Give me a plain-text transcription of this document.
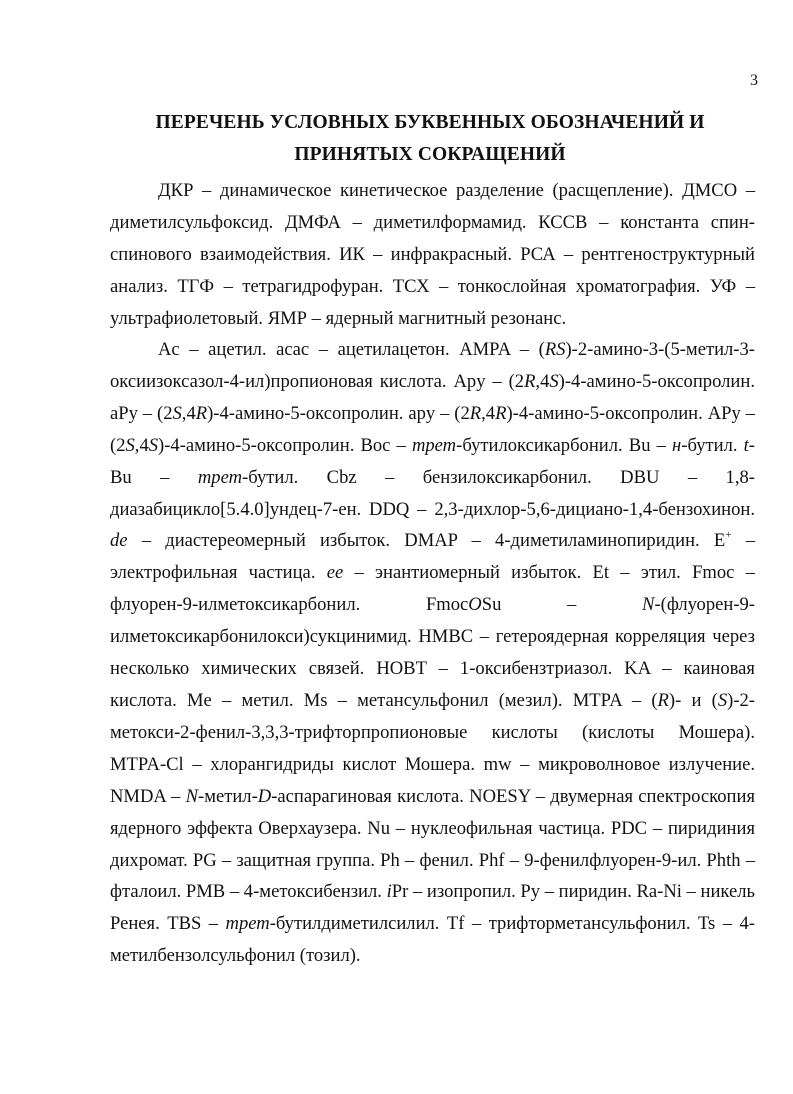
3
ПЕРЕЧЕНЬ УСЛОВНЫХ БУКВЕННЫХ ОБОЗНАЧЕНИЙ И ПРИНЯТЫХ СОКРАЩЕНИЙ

ДКР – динамическое кинетическое разделение (расщепление). ДМСО – диметилсульфоксид. ДМФА – диметилформамид. КССВ – константа спин-спинового взаимодействия. ИК – инфракрасный. РСА – рентгеноструктурный анализ. ТГФ – тетрагидрофуран. ТСХ – тонкослойная хроматография. УФ – ультрафиолетовый. ЯМР – ядерный магнитный резонанс.

Ac – ацетил. acac – ацетилацетон. AMPA – (RS)-2-амино-3-(5-метил-3-оксиизоксазол-4-ил)пропионовая кислота. Apy – (2R,4S)-4-амино-5-оксопролин. aPy – (2S,4R)-4-амино-5-оксопролин. apy – (2R,4R)-4-амино-5-оксопролин. APy – (2S,4S)-4-амино-5-оксопролин. Boc – трет-бутилоксикарбонил. Bu – н-бутил. t-Bu – трет-бутил. Cbz – бензилоксикарбонил. DBU – 1,8-диазабицикло[5.4.0]ундец-7-ен. DDQ – 2,3-дихлор-5,6-дициано-1,4-бензохинон. de – диастереомерный избыток. DMAP – 4-диметиламинопиридин. E+ – электрофильная частица. ee – энантиомерный избыток. Et – этил. Fmoc – флуорен-9-илметоксикарбонил. FmocOSu – N-(флуорен-9-илметоксикарбонилокси)сукцинимид. HMBC – гетероядерная корреляция через несколько химических связей. HOBT – 1-оксибензтриазол. KA – каиновая кислота. Me – метил. Ms – метансульфонил (мезил). MTPA – (R)- и (S)-2-метокси-2-фенил-3,3,3-трифторпропионовые кислоты (кислоты Мошера). MTPA-Cl – хлорангидриды кислот Мошера. mw – микроволновое излучение. NMDA – N-метил-D-аспарагиновая кислота. NOESY – двумерная спектроскопия ядерного эффекта Оверхаузера. Nu – нуклеофильная частица. PDC – пиридиния дихромат. PG – защитная группа. Ph – фенил. Phf – 9-фенилфлуорен-9-ил. Phth – фталоил. PMB – 4-метоксибензил. iPr – изопропил. Py – пиридин. Ra-Ni – никель Ренея. TBS – трет-бутилдиметилсилил. Tf – трифторметансульфонил. Ts – 4-метилбензолсульфонил (тозил).
